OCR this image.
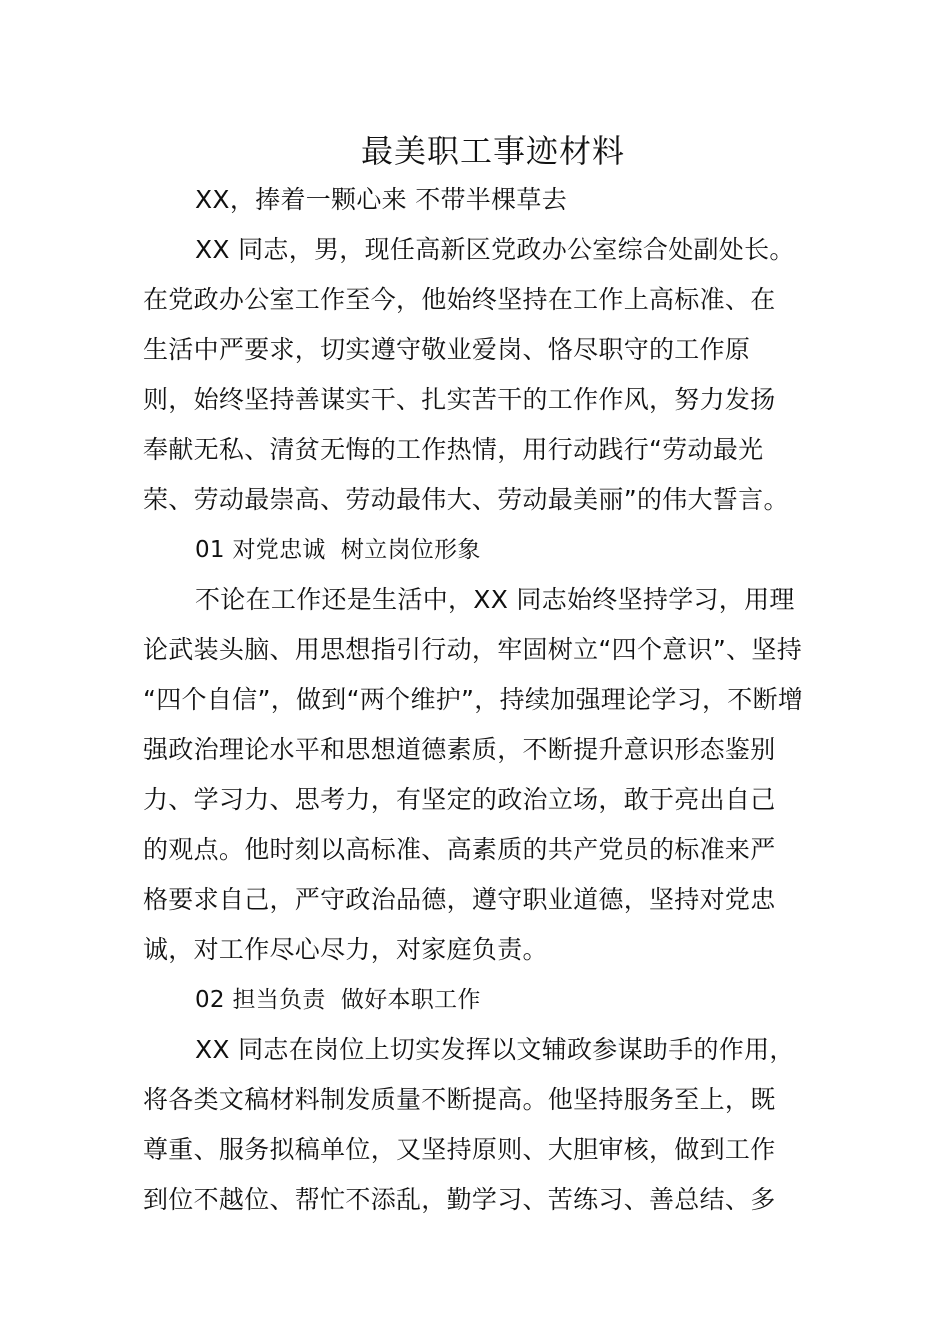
最美职工事迹材料
XX，捧着一颗心来 不带半棵草去
XX 同志，男，现任高新区党政办公室综合处副处长。
在党政办公室工作至今，他始终坚持在工作上高标准、在
生活中严要求，切实遵守敬业爱岗、恪尽职守的工作原
则，始终坚持善谋实干、扎实苦干的工作作风，努力发扬
奉献无私、清贫无悔的工作热情，用行动践行“劳动最光
荣、劳动最崇高、劳动最伟大、劳动最美丽”的伟大誓言。
01 对党忠诚  树立岗位形象
不论在工作还是生活中，XX 同志始终坚持学习，用理
论武装头脑、用思想指引行动，牢固树立“四个意识”、坚持
“四个自信”，做到“两个维护”，持续加强理论学习，不断增
强政治理论水平和思想道德素质，不断提升意识形态鉴别
力、学习力、思考力，有坚定的政治立场，敢于亮出自己
的观点。他时刻以高标准、高素质的共产党员的标准来严
格要求自己，严守政治品德，遵守职业道德，坚持对党忠
诚，对工作尽心尽力，对家庭负责。
02 担当负责  做好本职工作
XX 同志在岗位上切实发挥以文辅政参谋助手的作用，
将各类文稿材料制发质量不断提高。他坚持服务至上，既
尊重、服务拟稿单位，又坚持原则、大胆审核，做到工作
到位不越位、帮忙不添乱，勤学习、苦练习、善总结、多
